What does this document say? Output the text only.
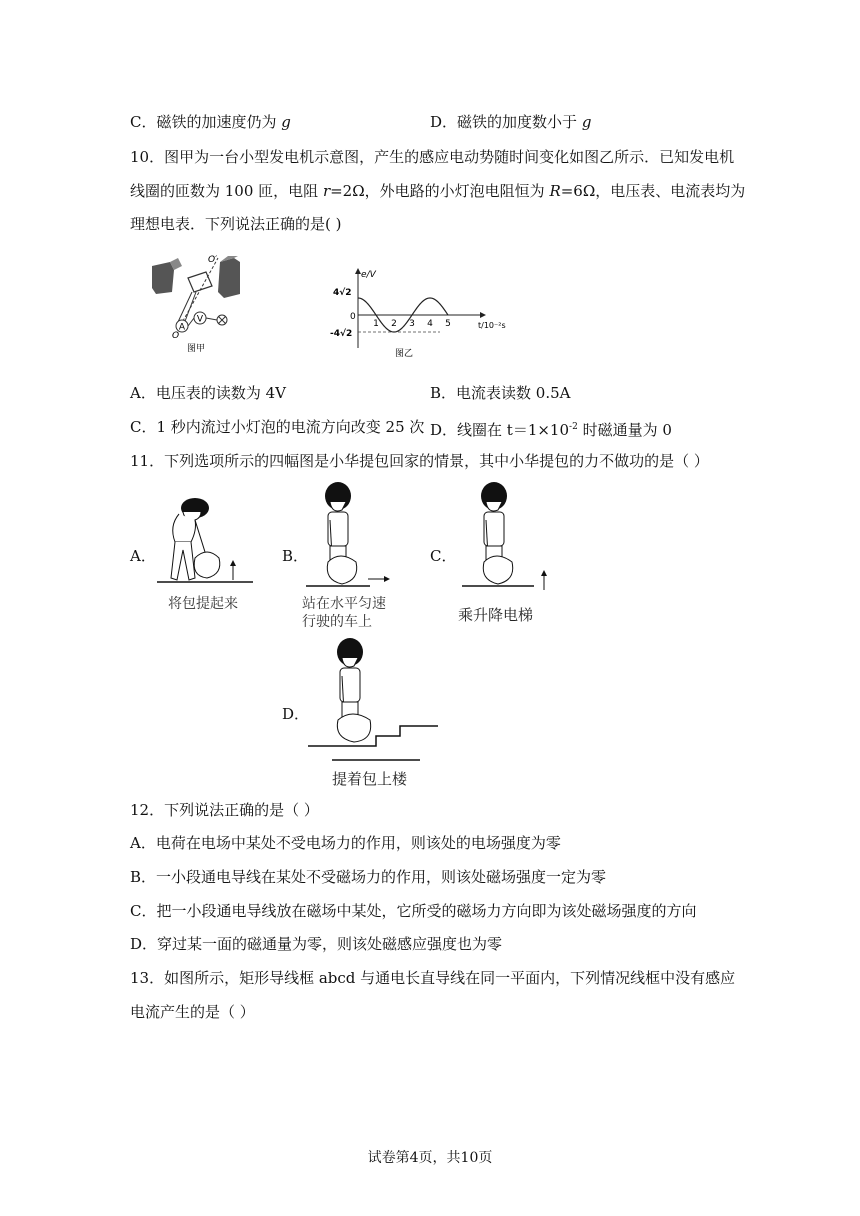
C．磁铁的加速度仍为 g	D．磁铁的加度数小于 g
10．图甲为一台小型发电机示意图，产生的感应电动势随时间变化如图乙所示．已知发电机
线圈的匝数为 100 匝，电阻 r=2Ω，外电路的小灯泡电阻恒为 R=6Ω，电压表、电流表均为
理想电表．下列说法正确的是( )
A
V
O′
O
图甲
1 2 3 4 5
e/V
4√2
0
-4√2
t/10⁻²s
图乙
A．电压表的读数为 4V	B．电流表读数 0.5A
C．1 秒内流过小灯泡的电流方向改变 25 次 D．线圈在 $t=1\times 10^{-2}$ 时磁通量为 0
11．下列选项所示的四幅图是小华提包回家的情景，其中小华提包的力不做功的是（ ）
A．	B．	C．
D．
将包提起来	站在水平匀速
行驶的车上	乘升降电梯
提着包上楼
12．下列说法正确的是（ ）
A．电荷在电场中某处不受电场力的作用，则该处的电场强度为零
B．一小段通电导线在某处不受磁场力的作用，则该处磁场强度一定为零
C．把一小段通电导线放在磁场中某处，它所受的磁场力方向即为该处磁场强度的方向
D．穿过某一面的磁通量为零，则该处磁感应强度也为零
13．如图所示，矩形导线框 abcd 与通电长直导线在同一平面内，下列情况线框中没有感应
电流产生的是（ ）
试卷第4页，共10页
